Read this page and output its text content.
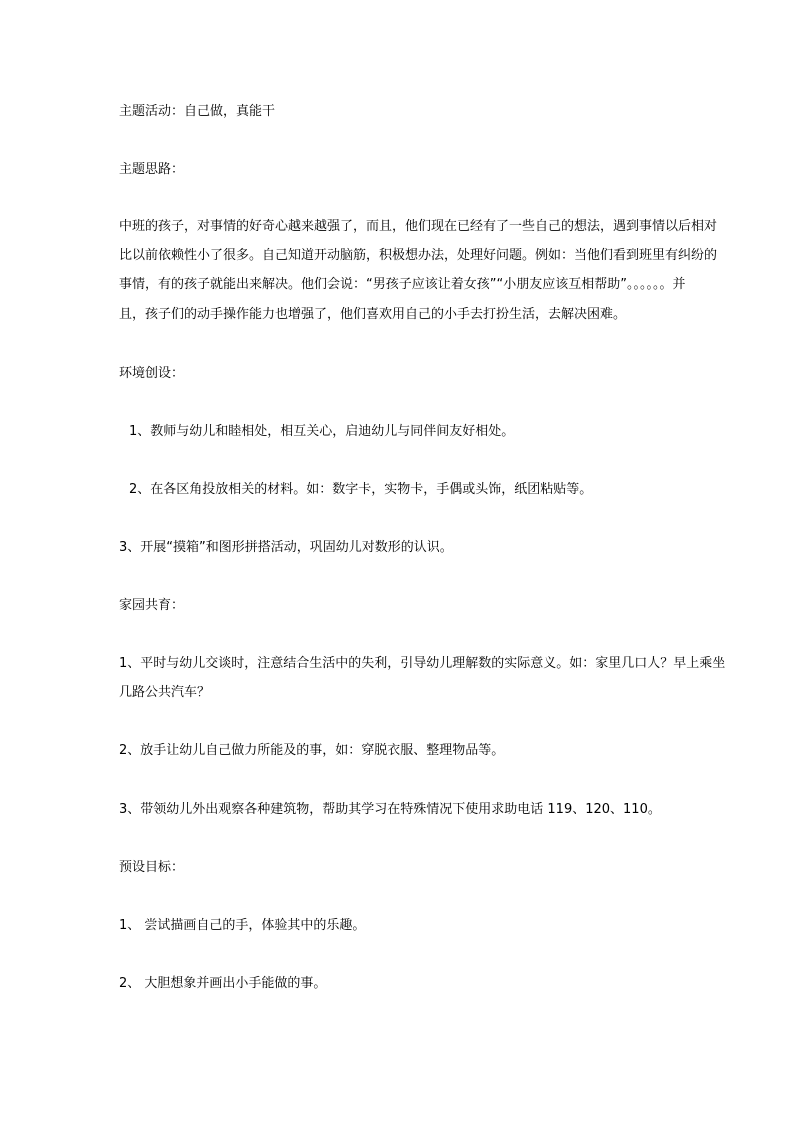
主题活动：自己做，真能干
主题思路：
中班的孩子，对事情的好奇心越来越强了，而且，他们现在已经有了一些自己的想法，遇到事情以后相对
比以前依赖性小了很多。自己知道开动脑筋，积极想办法，处理好问题。例如：当他们看到班里有纠纷的
事情，有的孩子就能出来解决。他们会说：“男孩子应该让着女孩”“小朋友应该互相帮助”。。。。。。并
且，孩子们的动手操作能力也增强了，他们喜欢用自己的小手去打扮生活，去解决困难。
环境创设：
1、教师与幼儿和睦相处，相互关心，启迪幼儿与同伴间友好相处。
2、在各区角投放相关的材料。如：数字卡，实物卡，手偶或头饰，纸团粘贴等。
3、开展“摸箱”和图形拼搭活动，巩固幼儿对数形的认识。
家园共育：
1、平时与幼儿交谈时，注意结合生活中的失利，引导幼儿理解数的实际意义。如：家里几口人？早上乘坐
几路公共汽车？
2、放手让幼儿自己做力所能及的事，如：穿脱衣服、整理物品等。
3、带领幼儿外出观察各种建筑物，帮助其学习在特殊情况下使用求助电话 119、120、110。
预设目标：
1、 尝试描画自己的手，体验其中的乐趣。
2、 大胆想象并画出小手能做的事。
